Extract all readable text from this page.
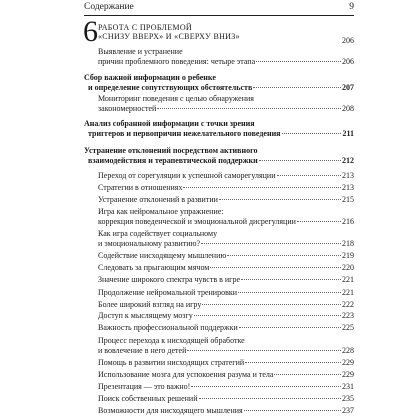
Содержание	9
6 РАБОТА С ПРОБЛЕМОЙ
«СНИЗУ ВВЕРХ» И «СВЕРХУ ВНИЗ»	206
Выявление и устранение
причин проблемного поведения: четыре этапа	206
Сбор важной информации о ребенке
и определение сопутствующих обстоятельств	207
Мониторинг поведения с целью обнаружения
закономерностей	208
Анализ собранной информации с точки зрения
триггеров и первопричин нежелательного поведения	211
Устранение отклонений посредством активного
взаимодействия и терапевтической поддержки	212
Переход от сорегуляции к успешной саморегуляции	213
Стратегии в отношениях	213
Устранение отклонений в развитии	215
Игра как нейромальное упражнение:
коррекция поведенческой и эмоциональной дисрегуляции	216
Как игра содействует социальному
и эмоциональному развитию?	218
Содействие нисходящему мышлению	219
Следовать за прыгающим мячом	220
Значение широкого спектра чувств в игре	221
Продолжение нейромальной тренировки	221
Более широкий взгляд на игру	222
Доступ к мыслящему мозгу	223
Важность профессиональной поддержки	225
Процесс перехода к нисходящей обработке
и вовлечение в него детей	228
Помощь в развитии нисходящих стратегий	229
Использование мозга для успокоения разума и тела	229
Презентация — это важно!	231
Поиск собственных решений	235
Возможности для нисходящего мышления	237
